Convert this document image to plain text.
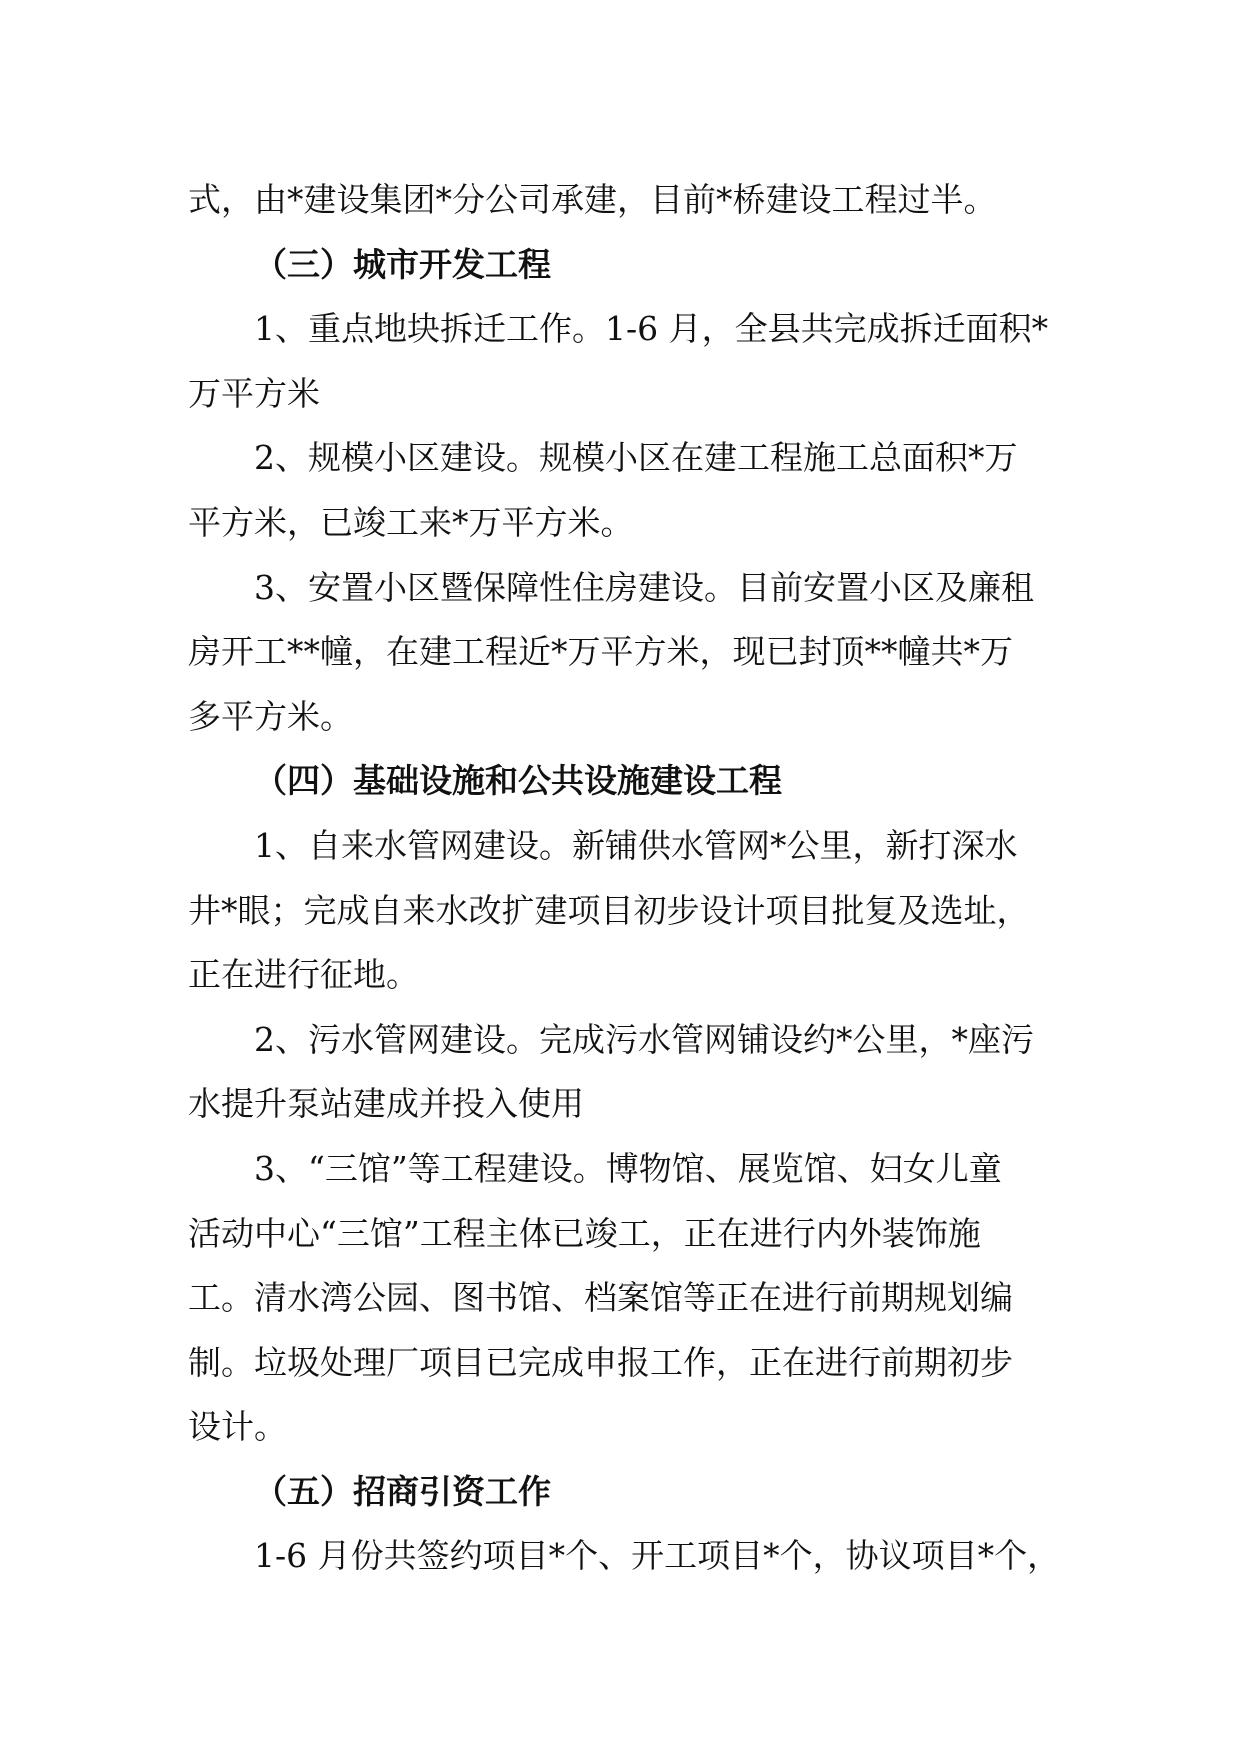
式，由*建设集团*分公司承建，目前*桥建设工程过半。

（三）城市开发工程

1、重点地块拆迁工作。1-6 月，全县共完成拆迁面积*

万平方米

2、规模小区建设。规模小区在建工程施工总面积*万

平方米，已竣工来*万平方米。

3、安置小区暨保障性住房建设。目前安置小区及廉租

房开工**幢，在建工程近*万平方米，现已封顶**幢共*万

多平方米。

（四）基础设施和公共设施建设工程

1、自来水管网建设。新铺供水管网*公里，新打深水

井*眼；完成自来水改扩建项目初步设计项目批复及选址，

正在进行征地。

2、污水管网建设。完成污水管网铺设约*公里，*座污

水提升泵站建成并投入使用

3、“三馆”等工程建设。博物馆、展览馆、妇女儿童

活动中心“三馆”工程主体已竣工，正在进行内外装饰施

工。清水湾公园、图书馆、档案馆等正在进行前期规划编

制。垃圾处理厂项目已完成申报工作，正在进行前期初步

设计。

（五）招商引资工作

1-6 月份共签约项目*个、开工项目*个，协议项目*个，
